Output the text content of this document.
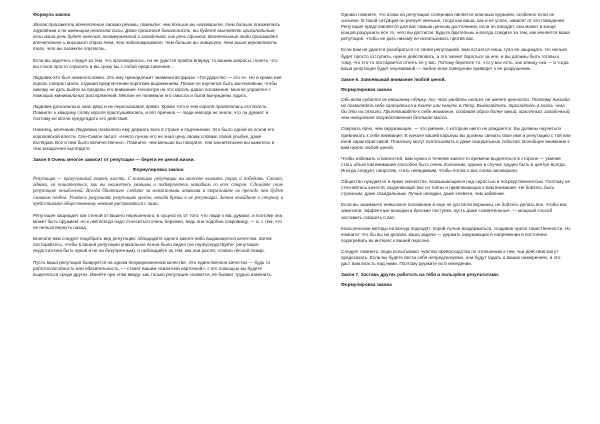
Формула закона

Желая произвести впечатление своими речами, помните: чем больше вы наговорите, тем больше покажетесь заурядным и не имеющим реальной силы. Даже произнося банальность, вы будете выглядеть оригинальным, если ваша речь будет неясной, незавершенной и загадочной, как речь сфинкса. Влиятельные люди производят впечатление и внушают страх тем, что недоговаривают. Чем больше вы говорите, тем выше вероятность того, что вы скажете глупость.

Если вы задетесь следуя за тем, что проговорилось, но не удастся пройти вперед, то вашим запросы, понять, что вы стали просто спросить и вы сразу вы с собой представление...

Людовик XIV был немногословен. Это ему принадлежит знаменитая фраза: «Государство — это я». Но и кроме неё король говорил мало, отдавая предпочтение коротким выражениям. Позже он научился быть молчаливым, чтобы никому не дать выйти за пределы его внимания. Несмотря на это король давал положения, многое управлял с помощью минимальных распоряжений. Многие не понимали его смысла и были вынуждены гадать.

Людовик досконально знал двор и не пересказывал прямо. Кроме того в чем короля проявлялась его власть. Помните: к каждому слову короля прислушивались, и вот причина — люди никогда не знали, что он думает, и поэтому не могли предугадать его действий.

Наконец, молчание Людовика позволяло ему держать всех в страхе и подчинении. Это было одной из основ его королевской власти. Сен-Симон писал: «Никто лучше его не знал цену своим словам, своей улыбке, даже взглядам. Все в нем было величественно». Помните: чем меньше вы говорите, тем значительнее вы кажетесь и тем загадочнее выглядите.

Закон 5 Очень многое зависит от репутации — береги ее ценой жизни.

Формулировка закона

Репутация — краеугольный камень власти. С помощью репутации вы можете вызвать страх и победить. Стоит, однако, ей пошатнуться, как вы окажетесь уязвимы и подвергнетесь нападкам со всех сторон. Сделайте свою репутацию незыблемой. Всегда бдительно следите за возможными атаками и отражайте их прежде чем будет слишком поздно. Учитесь разрушать репутацию врагов, находя бреши в их репутации. Затем отойдите в сторону и предоставьте общественному мнению расправиться с ними.

Репутация защищает как стеной от вашего нерешенного, в сущности, от того, что люди о вас думают, и поэтому она может быть оружием; но к ней всегда надо относиться очень бережно, ведь она подобна сокровищу, — и, с тем, что ее нельзя вернуть назад.

Вначале вам следует подобрать вид репутации: облададите одного какого-либо выдающегося качества. Затем постарайтесь, чтобы в вашей репутации уникальное ясное было видно (не переусердствуйте: репутация недостаточна быть яркой и не на безупречным), и наблюдайте за тем, как она растет, словно лесной пожар.

Пусть ваша репутация базируется на одном безукоризненном качестве. Это единственное качество — будь то работоспособность или обязательность, — станет вашим «визитной карточкой», с его помощью вы будете выделяться среди других. Имейте при этом ввиду: как только репутация сложится, ее бывает трудно изменить.

Однако помните, что атака на репутацию соперника является опасным оружием, особенно если он сильнее. В такой ситуации он рискует меньше, тогда как ваша, как и ее успех, зависит от его поведения. Репутация представляется для вас самым ценным достоянием, если он нападет, она может в конце концов разрушить все то, чего вы достигли. Будьте бдительны и всегда следите за тем, как меняется ваша репутация, чтобы не дать никому ее использовать против вас.

Если вам не удается разобраться со своей репутацией, вам остается лишь тупо ее защищать. Но нельзя будет просто отступить, нужно действовать, а это значит бороться за нее, и вы должны быть готовы к тому, что кто-то постарается отнять ее у вас. Потому берегите то, что у вас есть, как зеницу ока — и тогда ваша репутация будет неуязвимой — любое иное поведение приведет к ее разрушению.

Закон 6. Завоевывай внимание любой ценой.

Формулировка закона

Обо всем судится по внешнему облику; то, чего увидеть нельзя, не имеет ценности. Поэтому никогда не позволяйте себе затеряться в толпе или кануть в Лету. Выделяйтесь. Бросайтесь в глаза, чего бы это ни стоило. Притягивайте к себе внимание, создавая образ более яркий, красочный, загадочный, чем невзрачная посредственная безликая масса.

Сверкать ярче, чем окружающие, — это умение, с которым никто не рождается. Вы должны научиться привлекать к себе внимание. В начале вашей карьеры вы должны связать свое имя и репутацию с той или иной характеристикой. Поначалу могут использовать и даже скандальные события. Всеобщее внимание к вам нужно любой ценой.

Чтобы избежать сложностей, вам нужно в течение какого-то времени выделяться в стороне — умение стать объектом внимания способен быть очень полезным, однако в случае трудно быть в центре всегда. Иногда следует, напротив, стать невидимым, чтобы потом о вас снова заговорили.

Общество нуждается в ярких личностях, возвышающихся над серостью и посредственностью. Поэтому не стесняйтесь качеств, выделяющих вас из толпы и привлекающих к вам внимание. Не бойтесь быть странным, даже скандальным. Лучше нападки, даже клевета, чем забвение.

Если вы занимаете невысокое положение и еще не достигли вершины, не бойтесь делать все, чтобы вас заметили. Эффектные выходки и броские поступки, пусть даже сомнительные, — мощный способ заставить говорить о вас.

Классические методы не всегда подходят: порой лучше воздержаться, создавая ореол таинственности. Но помните: что бы вы ни делали, ваша задача — держать окружающих в напряжении и постоянно подогревать их интерес к вашей персоне.

Следует помнить: люди испытывают чувство превосходства по отношению к тем, чьи действия могут предсказать. Если вы будете вести себя непредсказуемо, они будут гадать о ваших намерениях, и это даст вам власть над ними. Поэтому держите их в неведении.

Закон 7. Заставь других работать на тебя и пользуйся результатами.

Формулировка закона
